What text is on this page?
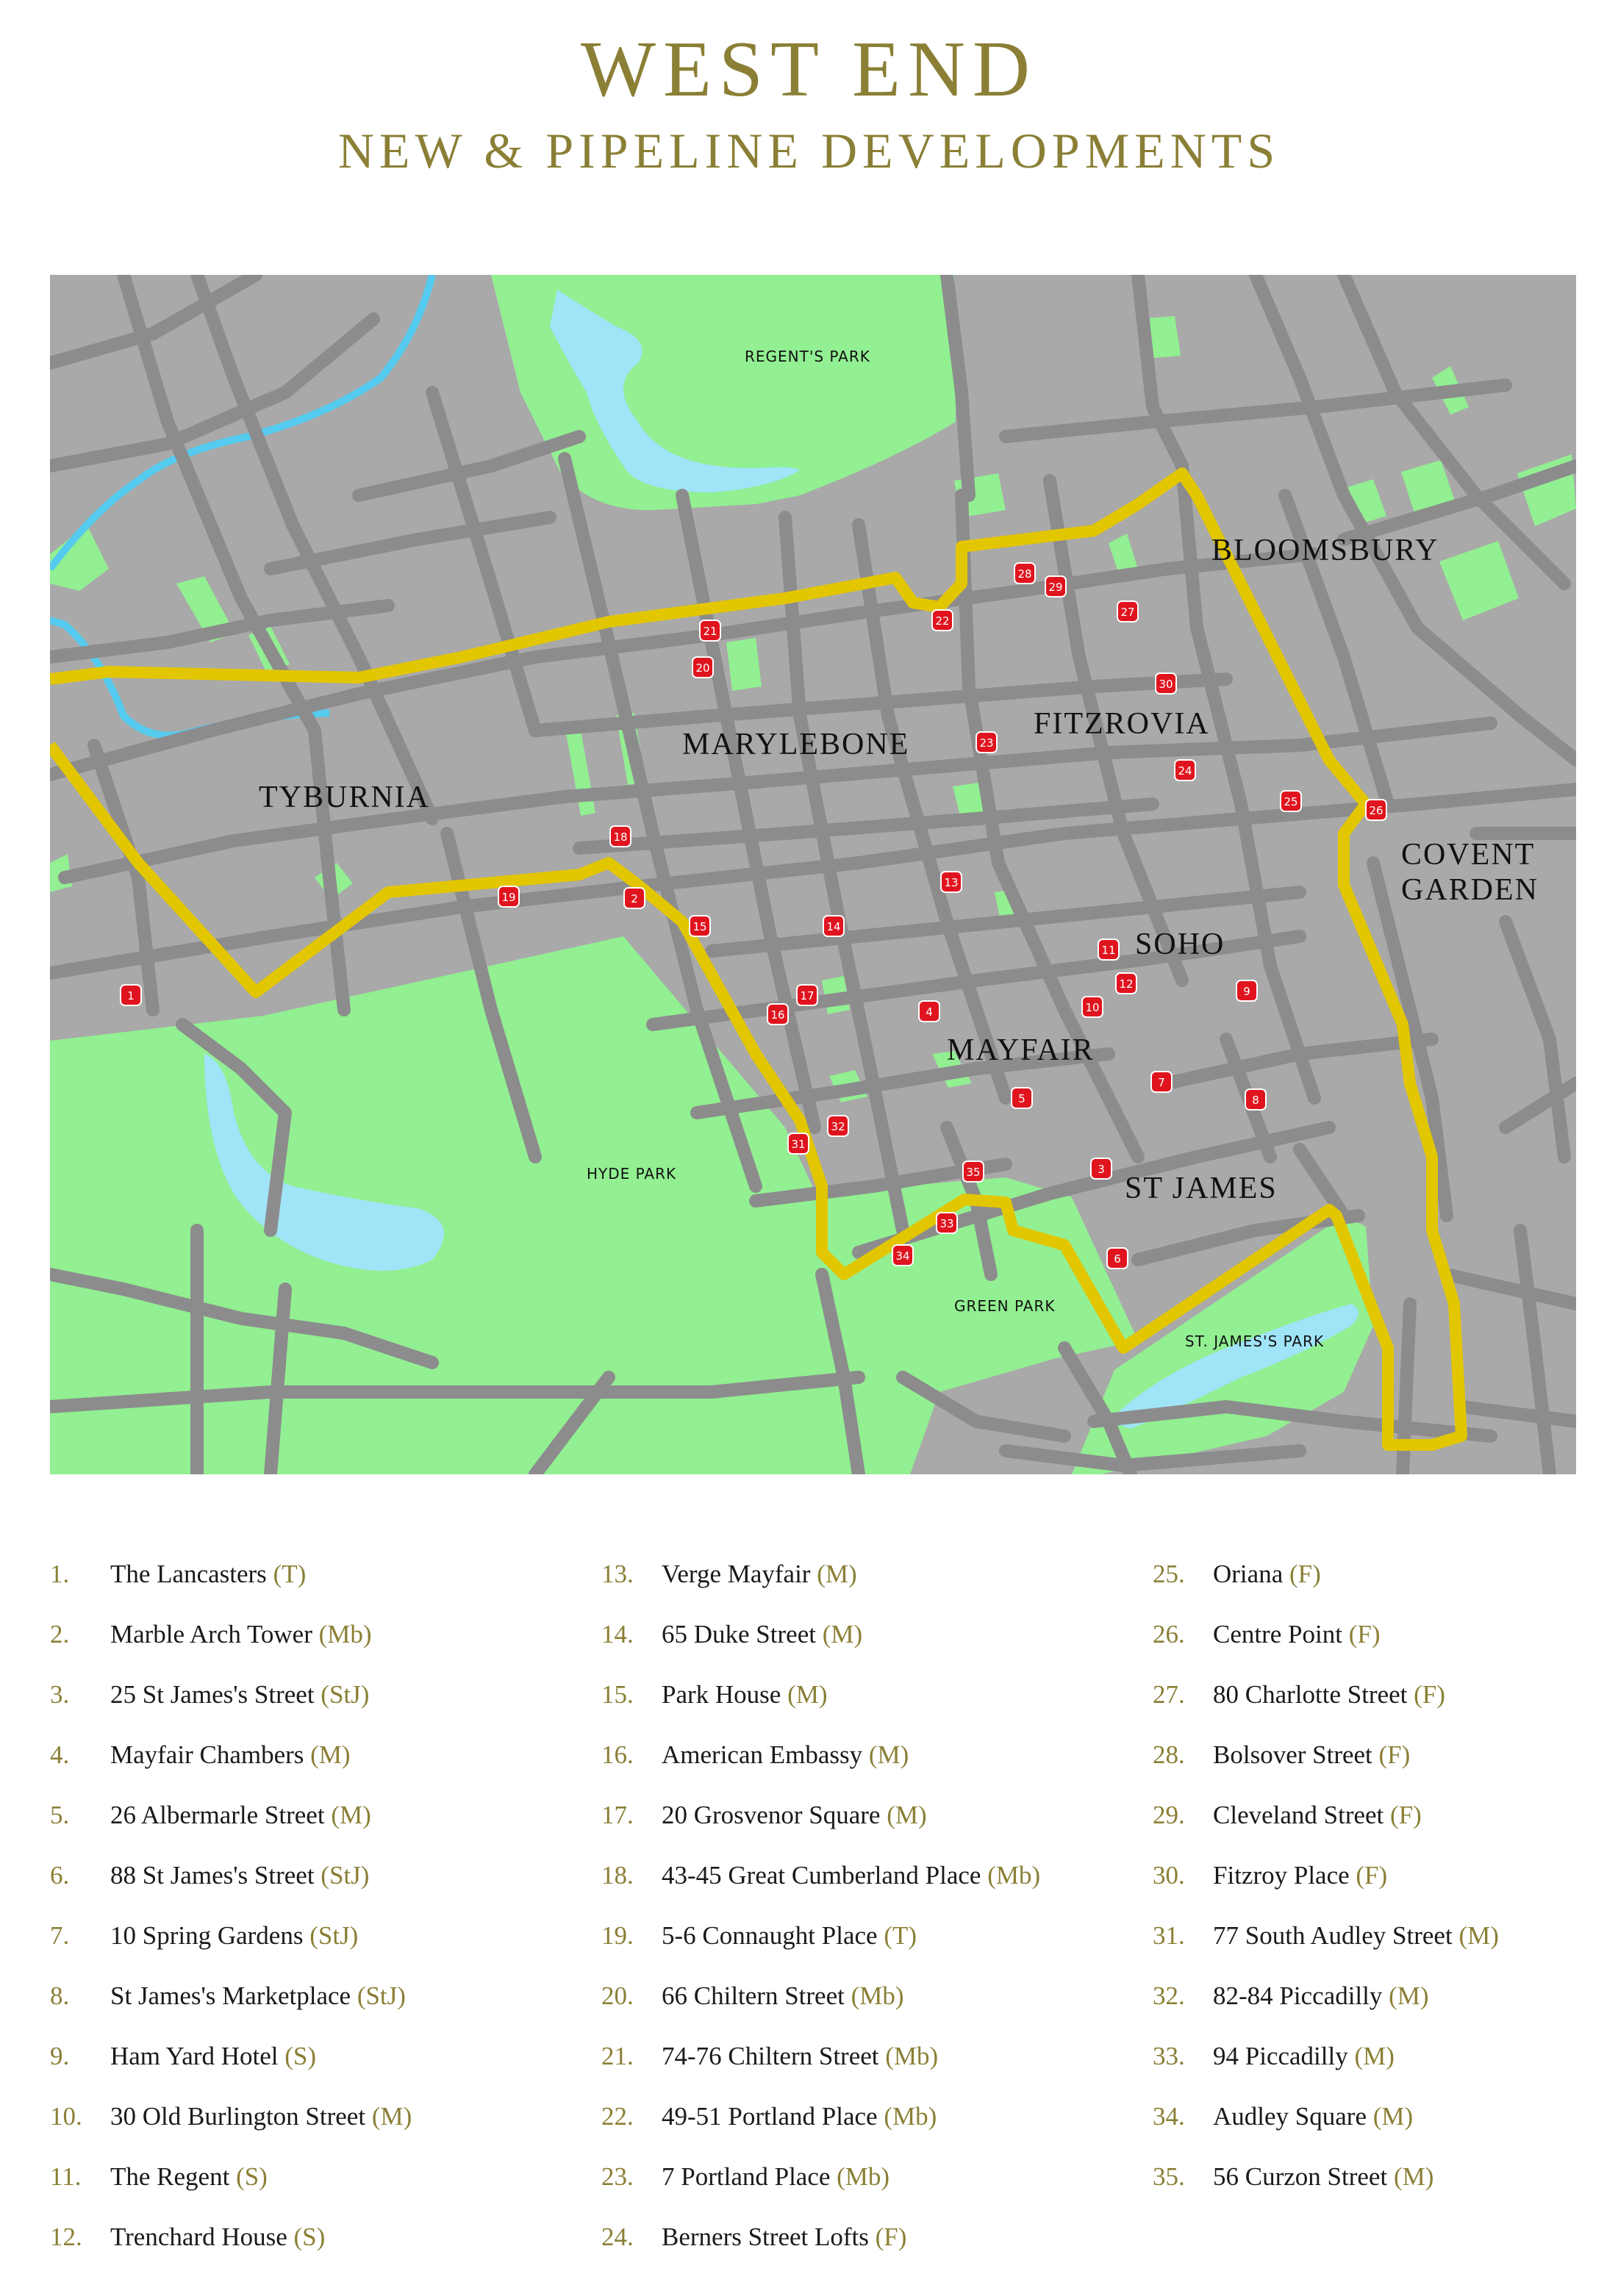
WEST END
NEW & PIPELINE DEVELOPMENTS
BLOOMSBURY
FITZROVIA
MARYLEBONE
TYBURNIA
COVENT
GARDEN
SOHO
MAYFAIR
ST JAMES
REGENT'S PARK
HYDE PARK
GREEN PARK
ST. JAMES'S PARK
1
2
3
4
5
6
7
8
9
10
11
12
13
14
15
16
17
18
19
20
21
22
23
24
25
26
27
28
29
30
31
32
33
34
35
1. The Lancasters (T)
2. Marble Arch Tower (Mb)
3. 25 St James's Street (StJ)
4. Mayfair Chambers (M)
5. 26 Albermarle Street (M)
6. 88 St James's Street (StJ)
7. 10 Spring Gardens (StJ)
8. St James's Marketplace (StJ)
9. Ham Yard Hotel (S)
10. 30 Old Burlington Street (M)
11. The Regent (S)
12. Trenchard House (S)
13. Verge Mayfair (M)
14. 65 Duke Street (M)
15. Park House (M)
16. American Embassy (M)
17. 20 Grosvenor Square (M)
18. 43-45 Great Cumberland Place (Mb)
19. 5-6 Connaught Place (T)
20. 66 Chiltern Street (Mb)
21. 74-76 Chiltern Street (Mb)
22. 49-51 Portland Place (Mb)
23. 7 Portland Place (Mb)
24. Berners Street Lofts (F)
25. Oriana (F)
26. Centre Point (F)
27. 80 Charlotte Street (F)
28. Bolsover Street (F)
29. Cleveland Street (F)
30. Fitzroy Place (F)
31. 77 South Audley Street (M)
32. 82-84 Piccadilly (M)
33. 94 Piccadilly (M)
34. Audley Square (M)
35. 56 Curzon Street (M)
